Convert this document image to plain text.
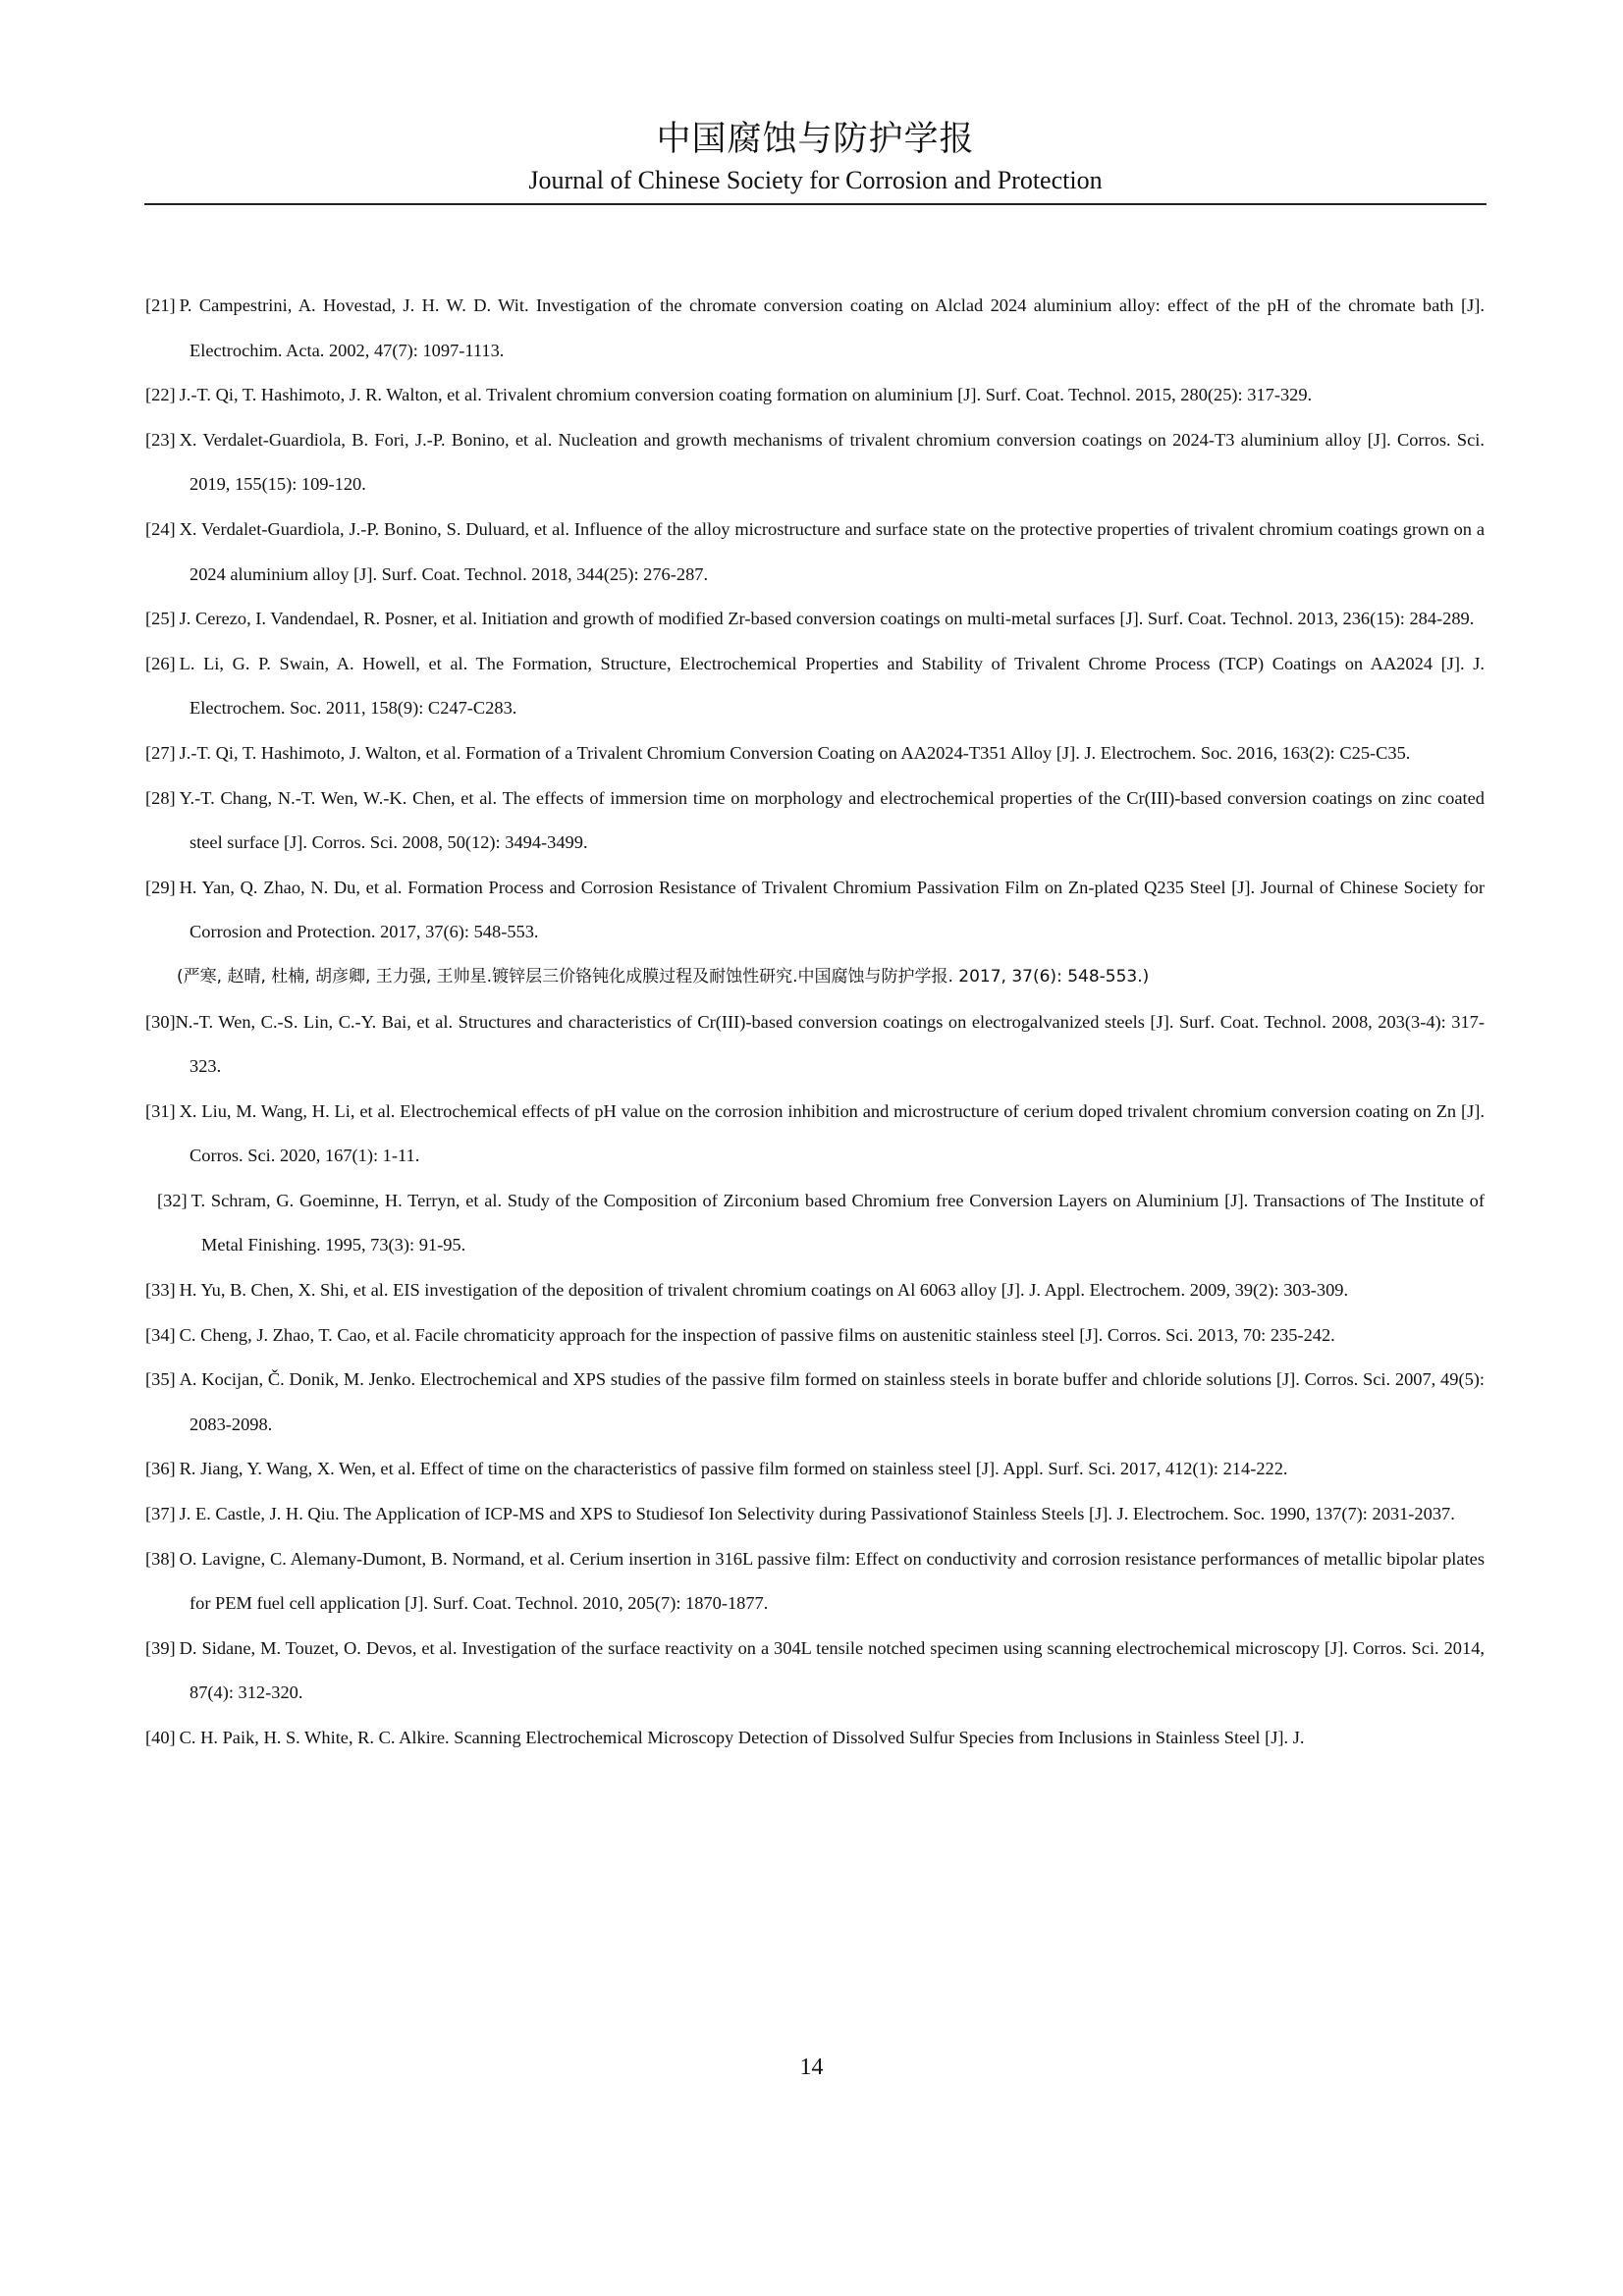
中国腐蚀与防护学报
Journal of Chinese Society for Corrosion and Protection
[21] P. Campestrini, A. Hovestad, J. H. W. D. Wit. Investigation of the chromate conversion coating on Alclad 2024 aluminium alloy: effect of the pH of the chromate bath [J]. Electrochim. Acta. 2002, 47(7): 1097-1113.
[22] J.-T. Qi, T. Hashimoto, J. R. Walton, et al. Trivalent chromium conversion coating formation on aluminium [J]. Surf. Coat. Technol. 2015, 280(25): 317-329.
[23] X. Verdalet-Guardiola, B. Fori, J.-P. Bonino, et al. Nucleation and growth mechanisms of trivalent chromium conversion coatings on 2024-T3 aluminium alloy [J]. Corros. Sci. 2019, 155(15): 109-120.
[24] X. Verdalet-Guardiola, J.-P. Bonino, S. Duluard, et al. Influence of the alloy microstructure and surface state on the protective properties of trivalent chromium coatings grown on a 2024 aluminium alloy [J]. Surf. Coat. Technol. 2018, 344(25): 276-287.
[25] J. Cerezo, I. Vandendael, R. Posner, et al. Initiation and growth of modified Zr-based conversion coatings on multi-metal surfaces [J]. Surf. Coat. Technol. 2013, 236(15): 284-289.
[26] L. Li, G. P. Swain, A. Howell, et al. The Formation, Structure, Electrochemical Properties and Stability of Trivalent Chrome Process (TCP) Coatings on AA2024 [J]. J. Electrochem. Soc. 2011, 158(9): C247-C283.
[27] J.-T. Qi, T. Hashimoto, J. Walton, et al. Formation of a Trivalent Chromium Conversion Coating on AA2024-T351 Alloy [J]. J. Electrochem. Soc. 2016, 163(2): C25-C35.
[28] Y.-T. Chang, N.-T. Wen, W.-K. Chen, et al. The effects of immersion time on morphology and electrochemical properties of the Cr(III)-based conversion coatings on zinc coated steel surface [J]. Corros. Sci. 2008, 50(12): 3494-3499.
[29] H. Yan, Q. Zhao, N. Du, et al. Formation Process and Corrosion Resistance of Trivalent Chromium Passivation Film on Zn-plated Q235 Steel [J]. Journal of Chinese Society for Corrosion and Protection. 2017, 37(6): 548-553.
(严寒, 赵晴, 杜楠, 胡彦卿, 王力强, 王帅星.镀锌层三价铬钝化成膜过程及耐蚀性研究.中国腐蚀与防护学报. 2017, 37(6): 548-553.)
[30]N.-T. Wen, C.-S. Lin, C.-Y. Bai, et al. Structures and characteristics of Cr(III)-based conversion coatings on electrogalvanized steels [J]. Surf. Coat. Technol. 2008, 203(3-4): 317-323.
[31] X. Liu, M. Wang, H. Li, et al. Electrochemical effects of pH value on the corrosion inhibition and microstructure of cerium doped trivalent chromium conversion coating on Zn [J]. Corros. Sci. 2020, 167(1): 1-11.
[32] T. Schram, G. Goeminne, H. Terryn, et al. Study of the Composition of Zirconium based Chromium free Conversion Layers on Aluminium [J]. Transactions of The Institute of Metal Finishing. 1995, 73(3): 91-95.
[33] H. Yu, B. Chen, X. Shi, et al. EIS investigation of the deposition of trivalent chromium coatings on Al 6063 alloy [J]. J. Appl. Electrochem. 2009, 39(2): 303-309.
[34] C. Cheng, J. Zhao, T. Cao, et al. Facile chromaticity approach for the inspection of passive films on austenitic stainless steel [J]. Corros. Sci. 2013, 70: 235-242.
[35] A. Kocijan, Č. Donik, M. Jenko. Electrochemical and XPS studies of the passive film formed on stainless steels in borate buffer and chloride solutions [J]. Corros. Sci. 2007, 49(5): 2083-2098.
[36] R. Jiang, Y. Wang, X. Wen, et al. Effect of time on the characteristics of passive film formed on stainless steel [J]. Appl. Surf. Sci. 2017, 412(1): 214-222.
[37] J. E. Castle, J. H. Qiu. The Application of ICP-MS and XPS to Studiesof Ion Selectivity during Passivationof Stainless Steels [J]. J. Electrochem. Soc. 1990, 137(7): 2031-2037.
[38] O. Lavigne, C. Alemany-Dumont, B. Normand, et al. Cerium insertion in 316L passive film: Effect on conductivity and corrosion resistance performances of metallic bipolar plates for PEM fuel cell application [J]. Surf. Coat. Technol. 2010, 205(7): 1870-1877.
[39] D. Sidane, M. Touzet, O. Devos, et al. Investigation of the surface reactivity on a 304L tensile notched specimen using scanning electrochemical microscopy [J]. Corros. Sci. 2014, 87(4): 312-320.
[40] C. H. Paik, H. S. White, R. C. Alkire. Scanning Electrochemical Microscopy Detection of Dissolved Sulfur Species from Inclusions in Stainless Steel [J]. J.
14
